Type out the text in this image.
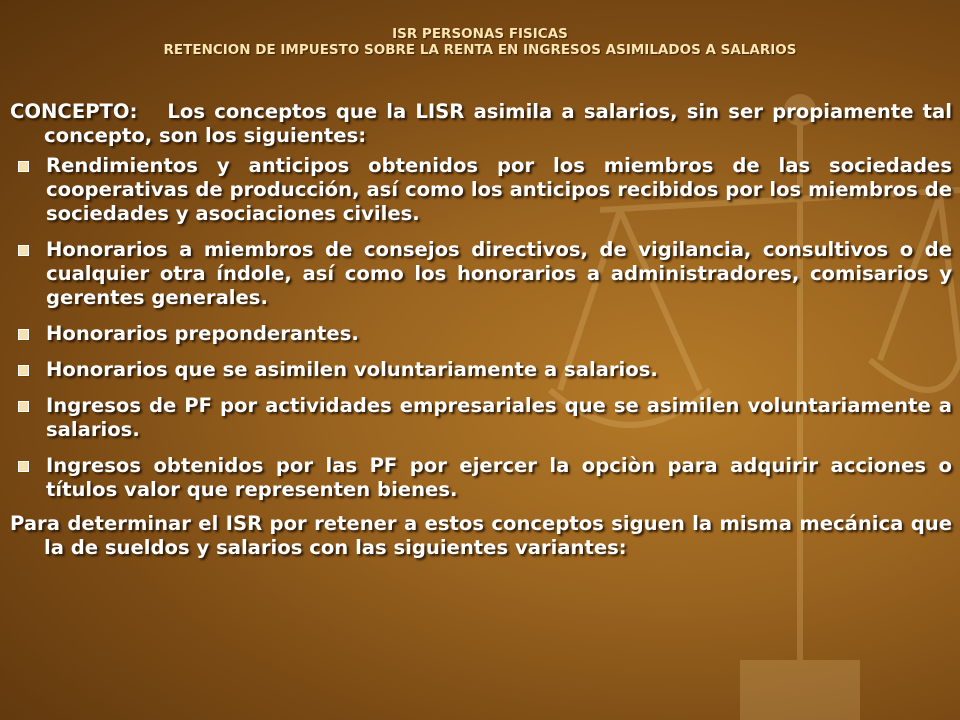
ISR PERSONAS FISICAS
RETENCION DE IMPUESTO SOBRE LA RENTA EN INGRESOS ASIMILADOS A SALARIOS

CONCEPTO: Los conceptos que la LISR asimila a salarios, sin ser propiamente tal concepto, son los siguientes:

Rendimientos y anticipos obtenidos por los miembros de las sociedades cooperativas de producción, así como los anticipos recibidos por los miembros de sociedades y asociaciones civiles.
Honorarios a miembros de consejos directivos, de vigilancia, consultivos o de cualquier otra índole, así como los honorarios a administradores, comisarios y gerentes generales.
Honorarios preponderantes.
Honorarios que se asimilen voluntariamente a salarios.
Ingresos de PF por actividades empresariales que se asimilen voluntariamente a salarios.
Ingresos obtenidos por las PF por ejercer la opciòn para adquirir acciones o títulos valor que representen bienes.

Para determinar el ISR por retener a estos conceptos siguen la misma mecánica que la de sueldos y salarios con las siguientes variantes:
